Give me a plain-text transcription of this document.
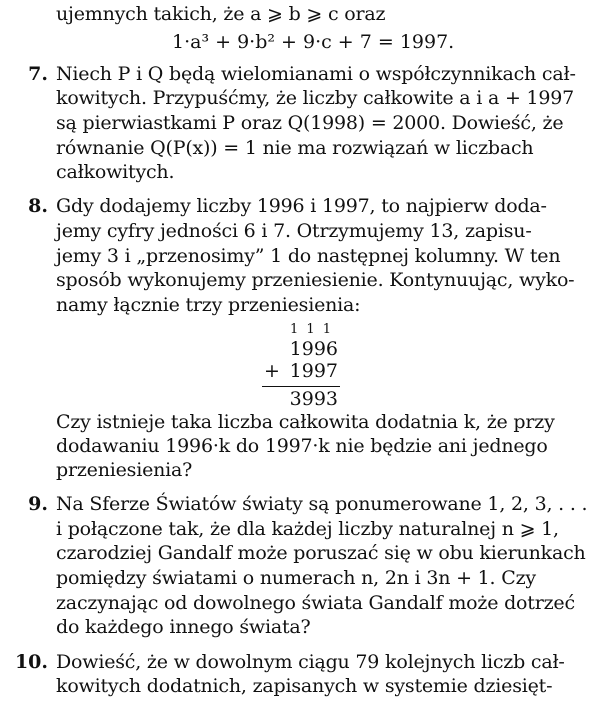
ujemnych takich, że a ⩾ b ⩾ c oraz
1·a³ + 9·b² + 9·c + 7 = 1997.
7. Niech P i Q będą wielomianami o współczynnikach cał-
kowitych. Przypuśćmy, że liczby całkowite a i a + 1997
są pierwiastkami P oraz Q(1998) = 2000. Dowieść, że
równanie Q(P(x)) = 1 nie ma rozwiązań w liczbach
całkowitych.
8. Gdy dodajemy liczby 1996 i 1997, to najpierw doda-
jemy cyfry jedności 6 i 7. Otrzymujemy 13, zapisu-
jemy 3 i „przenosimy” 1 do następnej kolumny. W ten
sposób wykonujemy przeniesienie. Kontynuując, wyko-
namy łącznie trzy przeniesienia:
1 1 1
1996
+ 1997
3993
Czy istnieje taka liczba całkowita dodatnia k, że przy
dodawaniu 1996·k do 1997·k nie będzie ani jednego
przeniesienia?
9. Na Sferze Światów światy są ponumerowane 1, 2, 3, . . .
i połączone tak, że dla każdej liczby naturalnej n ⩾ 1,
czarodziej Gandalf może poruszać się w obu kierunkach
pomiędzy światami o numerach n, 2n i 3n + 1. Czy
zaczynając od dowolnego świata Gandalf może dotrzeć
do każdego innego świata?
10. Dowieść, że w dowolnym ciągu 79 kolejnych liczb cał-
kowitych dodatnich, zapisanych w systemie dziesięt-
